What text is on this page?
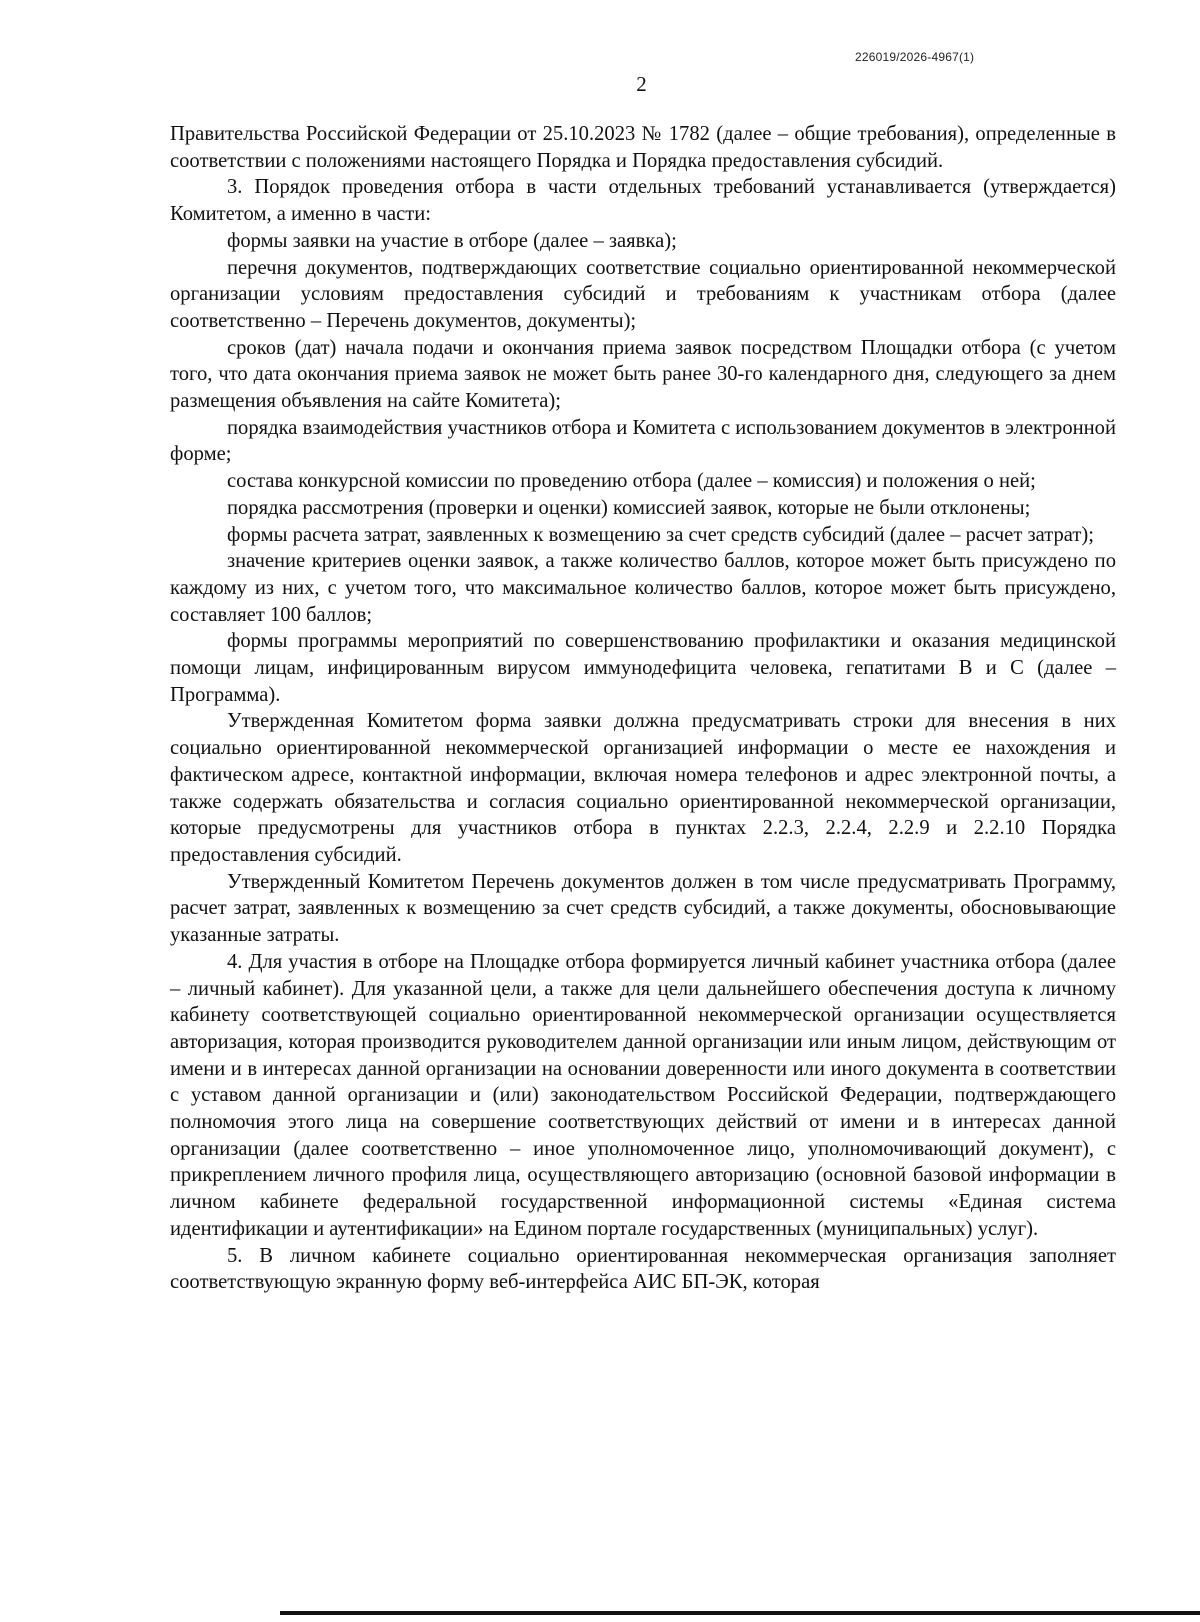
226019/2026-4967(1)
2

Правительства Российской Федерации от 25.10.2023 № 1782 (далее – общие требования), определенные в соответствии с положениями настоящего Порядка и Порядка предоставления субсидий.

3. Порядок проведения отбора в части отдельных требований устанавливается (утверждается) Комитетом, а именно в части:

формы заявки на участие в отборе (далее – заявка);

перечня документов, подтверждающих соответствие социально ориентированной некоммерческой организации условиям предоставления субсидий и требованиям к участникам отбора (далее соответственно – Перечень документов, документы);

сроков (дат) начала подачи и окончания приема заявок посредством Площадки отбора (с учетом того, что дата окончания приема заявок не может быть ранее 30-го календарного дня, следующего за днем размещения объявления на сайте Комитета);

порядка взаимодействия участников отбора и Комитета с использованием документов в электронной форме;

состава конкурсной комиссии по проведению отбора (далее – комиссия) и положения о ней;

порядка рассмотрения (проверки и оценки) комиссией заявок, которые не были отклонены;

формы расчета затрат, заявленных к возмещению за счет средств субсидий (далее – расчет затрат);

значение критериев оценки заявок, а также количество баллов, которое может быть присуждено по каждому из них, с учетом того, что максимальное количество баллов, которое может быть присуждено, составляет 100 баллов;

формы программы мероприятий по совершенствованию профилактики и оказания медицинской помощи лицам, инфицированным вирусом иммунодефицита человека, гепатитами В и С (далее – Программа).

Утвержденная Комитетом форма заявки должна предусматривать строки для внесения в них социально ориентированной некоммерческой организацией информации о месте ее нахождения и фактическом адресе, контактной информации, включая номера телефонов и адрес электронной почты, а также содержать обязательства и согласия социально ориентированной некоммерческой организации, которые предусмотрены для участников отбора в пунктах 2.2.3, 2.2.4, 2.2.9 и 2.2.10 Порядка предоставления субсидий.

Утвержденный Комитетом Перечень документов должен в том числе предусматривать Программу, расчет затрат, заявленных к возмещению за счет средств субсидий, а также документы, обосновывающие указанные затраты.

4. Для участия в отборе на Площадке отбора формируется личный кабинет участника отбора (далее – личный кабинет). Для указанной цели, а также для цели дальнейшего обеспечения доступа к личному кабинету соответствующей социально ориентированной некоммерческой организации осуществляется авторизация, которая производится руководителем данной организации или иным лицом, действующим от имени и в интересах данной организации на основании доверенности или иного документа в соответствии с уставом данной организации и (или) законодательством Российской Федерации, подтверждающего полномочия этого лица на совершение соответствующих действий от имени и в интересах данной организации (далее соответственно – иное уполномоченное лицо, уполномочивающий документ), с прикреплением личного профиля лица, осуществляющего авторизацию (основной базовой информации в личном кабинете федеральной государственной информационной системы «Единая система идентификации и аутентификации» на Едином портале государственных (муниципальных) услуг).

5. В личном кабинете социально ориентированная некоммерческая организация заполняет соответствующую экранную форму веб-интерфейса АИС БП-ЭК, которая
